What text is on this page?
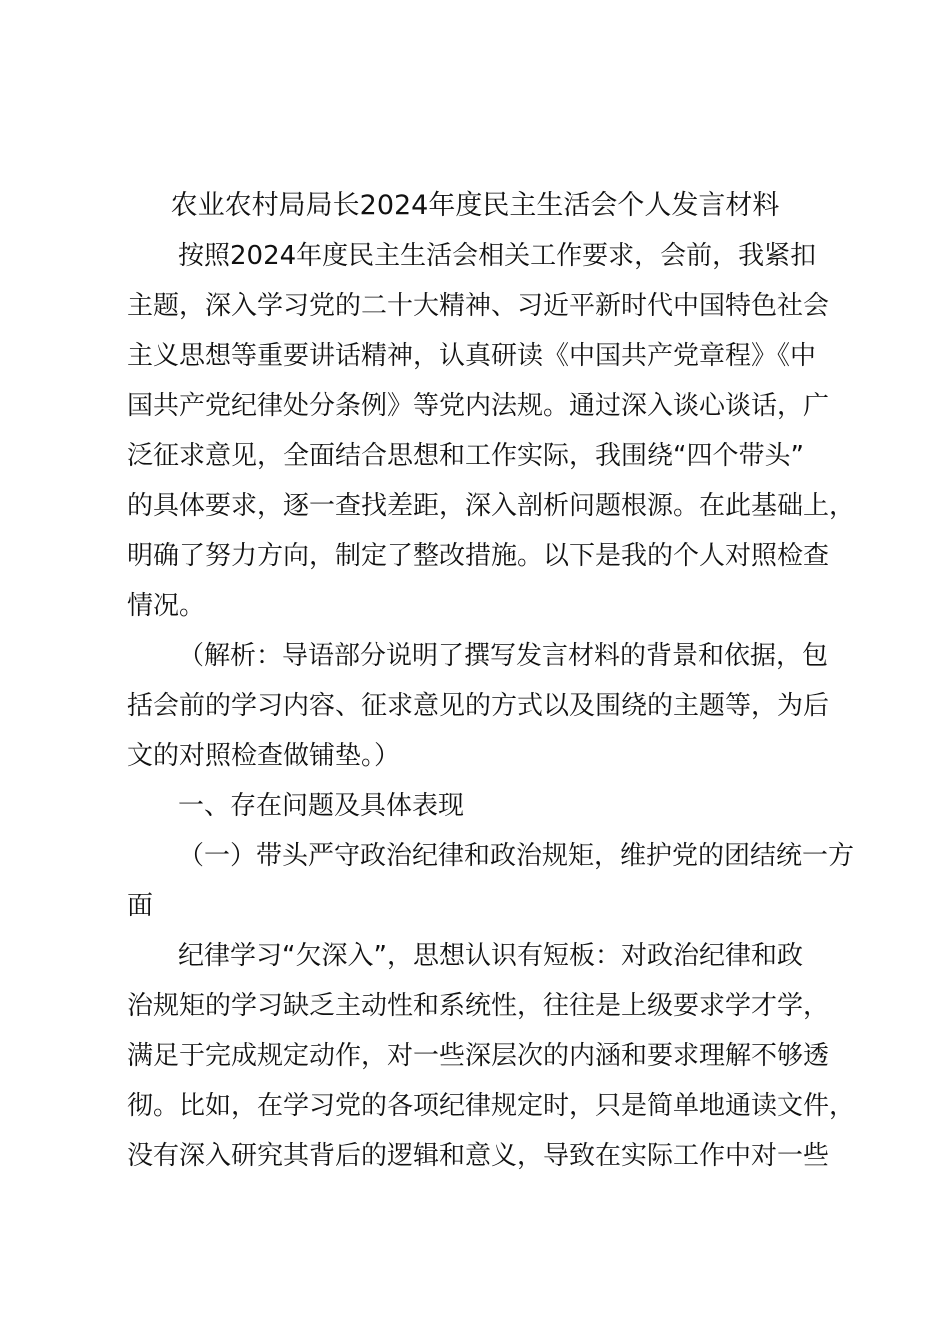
农业农村局局长2024年度民主生活会个人发言材料
按照2024年度民主生活会相关工作要求，会前，我紧扣
主题，深入学习党的二十大精神、习近平新时代中国特色社会
主义思想等重要讲话精神，认真研读《中国共产党章程》《中
国共产党纪律处分条例》等党内法规。通过深入谈心谈话，广
泛征求意见，全面结合思想和工作实际，我围绕“四个带头”
的具体要求，逐一查找差距，深入剖析问题根源。在此基础上，
明确了努力方向，制定了整改措施。以下是我的个人对照检查
情况。
（解析：导语部分说明了撰写发言材料的背景和依据，包
括会前的学习内容、征求意见的方式以及围绕的主题等，为后
文的对照检查做铺垫。）
一、存在问题及具体表现
（一）带头严守政治纪律和政治规矩，维护党的团结统一方
面
纪律学习“欠深入”，思想认识有短板：对政治纪律和政
治规矩的学习缺乏主动性和系统性，往往是上级要求学才学，
满足于完成规定动作，对一些深层次的内涵和要求理解不够透
彻。比如，在学习党的各项纪律规定时，只是简单地通读文件，
没有深入研究其背后的逻辑和意义，导致在实际工作中对一些
